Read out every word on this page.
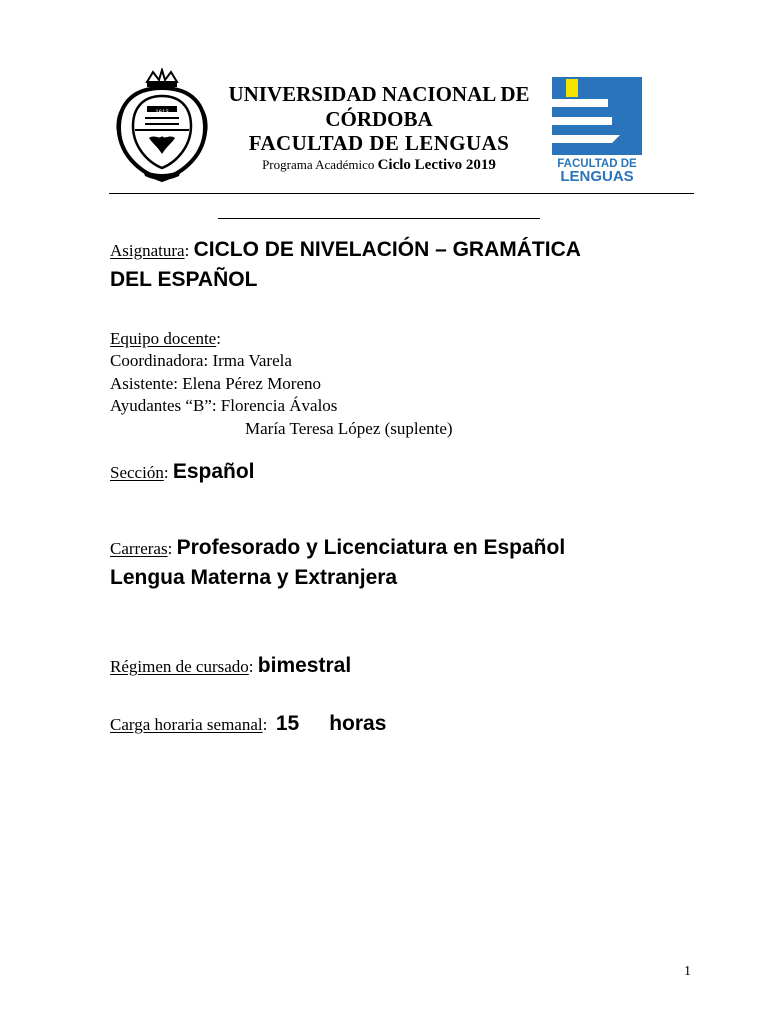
1613
UNIVERSIDAD NACIONAL DE
CÓRDOBA
FACULTAD DE LENGUAS
Programa Académico Ciclo Lectivo 2019	FACULTAD DE
LENGUAS
Asignatura: CICLO DE NIVELACIÓN – GRAMÁTICA
DEL ESPAÑOL
Equipo docente:
Coordinadora: Irma Varela
Asistente: Elena Pérez Moreno
Ayudantes “B”: Florencia Ávalos
María Teresa López (suplente)
Sección: Español
Carreras: Profesorado y Licenciatura en Español
Lengua Materna y Extranjera
Régimen de cursado: bimestral
Carga horaria semanal:  15 horas
1
